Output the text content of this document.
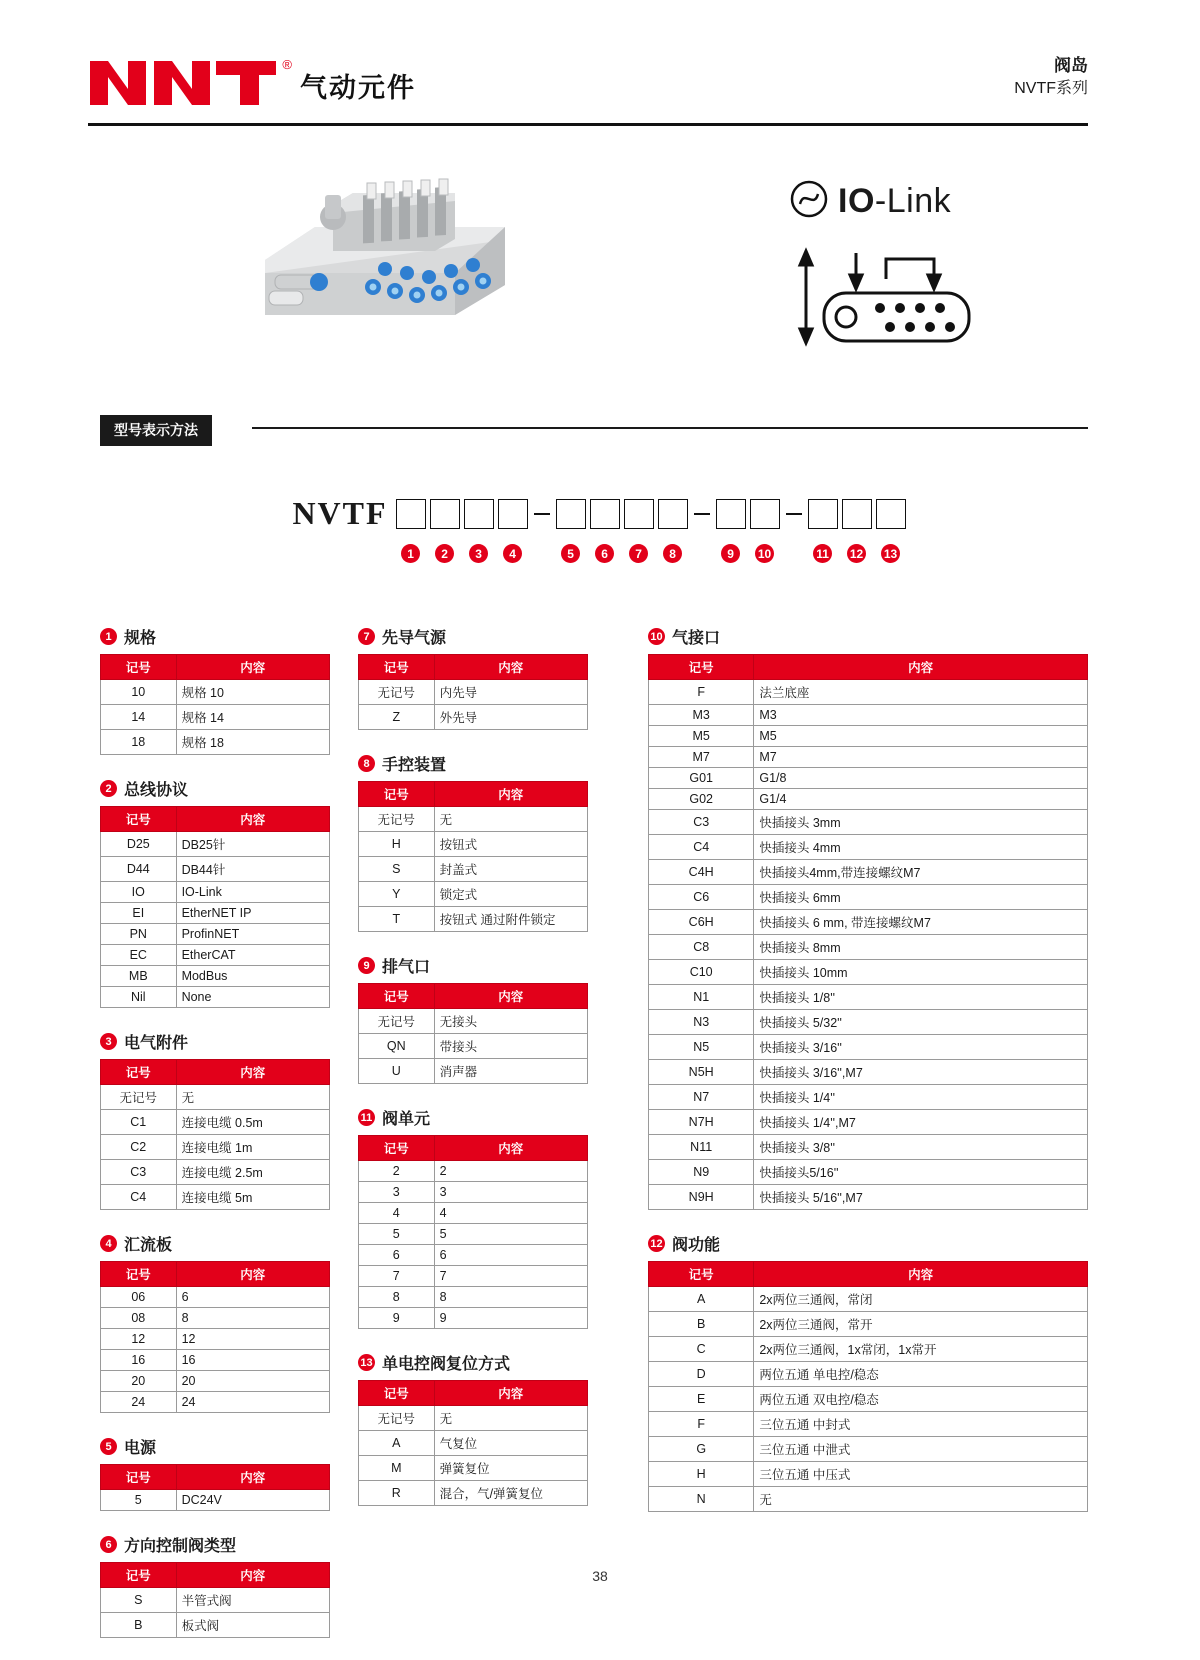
®
气动元件
阀岛
NVTF系列
IO-Link
型号表示方法
NVTF
1	2	3	4	5	6	7	8	9	10	11 12 13
1 规格
记号	内容
10	规格 10
14	规格 14
18	规格 18
2 总线协议
记号	内容
D25	DB25针
D44	DB44针
IO	IO-Link
EI	EtherNET IP
PN	ProfinNET
EC	EtherCAT
MB	ModBus
Nil	None
3 电气附件
记号	内容
无记号	无
C1	连接电缆 0.5m
C2	连接电缆 1m
C3	连接电缆 2.5m
C4	连接电缆 5m
4 汇流板
记号	内容
06	6
08	8
12	12
16	16
20	20
24	24
5 电源
记号	内容
5	DC24V
6 方向控制阀类型
记号	内容
S	半管式阀
B	板式阀
7 先导气源
记号	内容
无记号	内先导
Z	外先导
8 手控装置
记号	内容
无记号	无
H	按钮式
S	封盖式
Y	锁定式
T	按钮式 通过附件锁定
9 排气口
记号	内容
无记号	无接头
QN	带接头
U	消声器
11 阀单元
记号	内容
2	2
3	3
4	4
5	5
6	6
7	7
8	8
9	9
13 单电控阀复位方式
记号	内容
无记号	无
A	气复位
M	弹簧复位
R	混合，气/弹簧复位
10 气接口
记号	内容
F	法兰底座
M3	M3
M5	M5
M7	M7
G01	G1/8
G02	G1/4
C3	快插接头 3mm
C4	快插接头 4mm
C4H	快插接头4mm,带连接螺纹M7
C6	快插接头 6mm
C6H	快插接头 6 mm, 带连接螺纹M7
C8	快插接头 8mm
C10	快插接头 10mm
N1	快插接头 1/8''
N3	快插接头 5/32''
N5	快插接头 3/16''
N5H	快插接头 3/16'',M7
N7	快插接头 1/4''
N7H	快插接头 1/4'',M7
N11	快插接头 3/8''
N9	快插接头5/16''
N9H	快插接头 5/16'',M7
12 阀功能
记号	内容
A	2x两位三通阀，常闭
B	2x两位三通阀，常开
C	2x两位三通阀，1x常闭，1x常开
D	两位五通 单电控/稳态
E	两位五通 双电控/稳态
F	三位五通 中封式
G	三位五通 中泄式
H	三位五通 中压式
N	无
38
